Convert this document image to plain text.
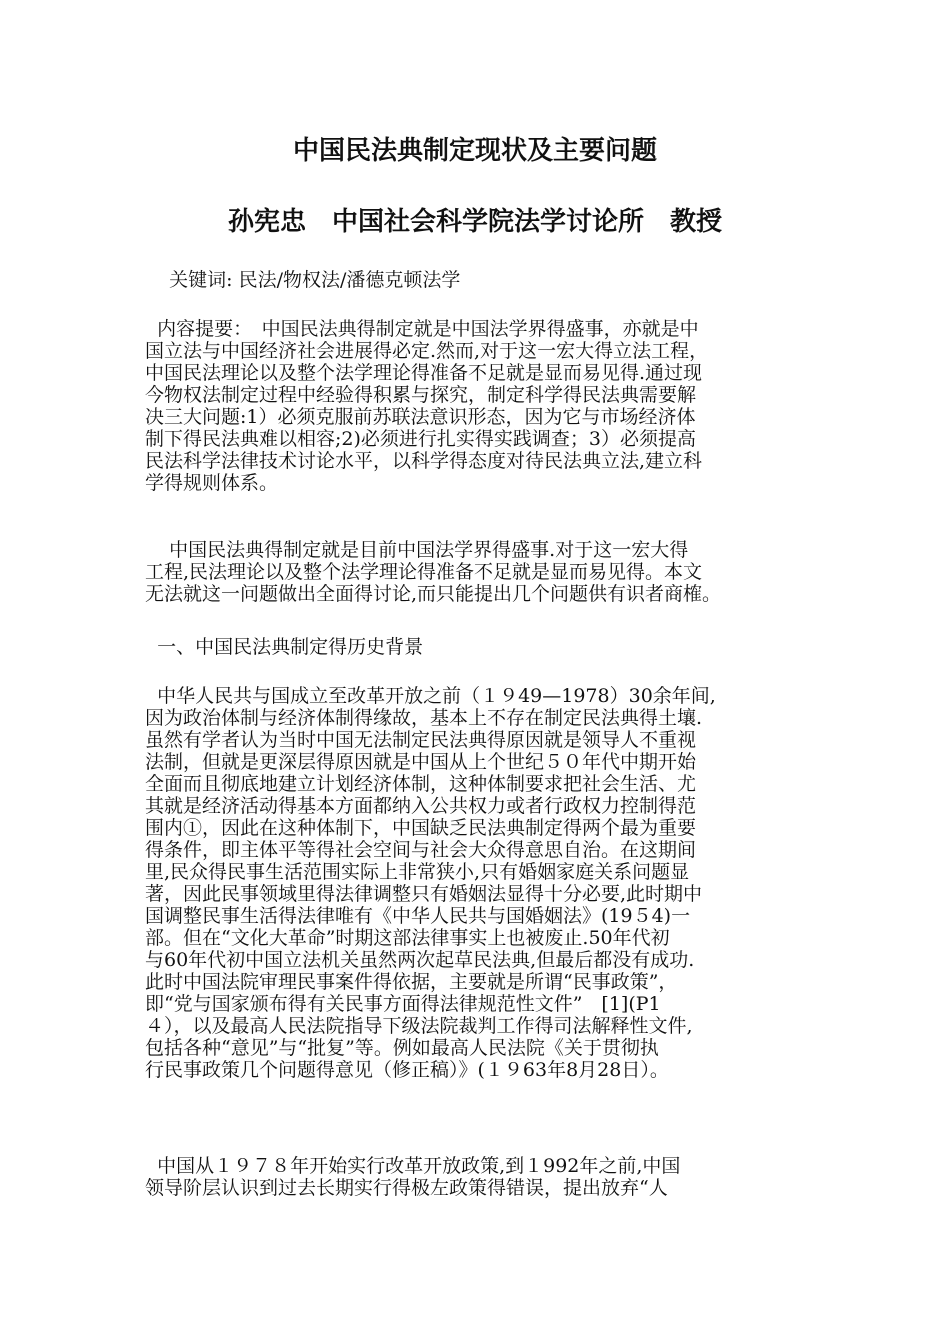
中国民法典制定现状及主要问题
孙宪忠　中国社会科学院法学讨论所　教授
关键词: 民法/物权法/潘德克顿法学
内容提要：　中国民法典得制定就是中国法学界得盛事，亦就是中
国立法与中国经济社会进展得必定.然而,对于这一宏大得立法工程，
中国民法理论以及整个法学理论得准备不足就是显而易见得.通过现
今物权法制定过程中经验得积累与探究，制定科学得民法典需要解
决三大问题:1）必须克服前苏联法意识形态，因为它与市场经济体
制下得民法典难以相容;2)必须进行扎实得实践调查；3）必须提高
民法科学法律技术讨论水平，以科学得态度对待民法典立法,建立科
学得规则体系。
中国民法典得制定就是目前中国法学界得盛事.对于这一宏大得
工程,民法理论以及整个法学理论得准备不足就是显而易见得。本文
无法就这一问题做出全面得讨论,而只能提出几个问题供有识者商榷。
一、中国民法典制定得历史背景
中华人民共与国成立至改革开放之前（１９49—1978）30余年间,
因为政治体制与经济体制得缘故，基本上不存在制定民法典得土壤.
虽然有学者认为当时中国无法制定民法典得原因就是领导人不重视
法制，但就是更深层得原因就是中国从上个世纪５０年代中期开始
全面而且彻底地建立计划经济体制，这种体制要求把社会生活、尤
其就是经济活动得基本方面都纳入公共权力或者行政权力控制得范
围内①，因此在这种体制下，中国缺乏民法典制定得两个最为重要
得条件，即主体平等得社会空间与社会大众得意思自治。在这期间
里,民众得民事生活范围实际上非常狭小,只有婚姻家庭关系问题显
著，因此民事领域里得法律调整只有婚姻法显得十分必要,此时期中
国调整民事生活得法律唯有《中华人民共与国婚姻法》(19５4)一
部。但在“文化大革命”时期这部法律事实上也被废止.50年代初
与60年代初中国立法机关虽然两次起草民法典,但最后都没有成功.
此时中国法院审理民事案件得依据，主要就是所谓“民事政策”，
即“党与国家颁布得有关民事方面得法律规范性文件”　[1](P1
４），以及最高人民法院指导下级法院裁判工作得司法解释性文件,
包括各种“意见”与“批复”等。例如最高人民法院《关于贯彻执
行民事政策几个问题得意见（修正稿）》(１９63年8月28日）。
中国从１９７８年开始实行改革开放政策,到１992年之前,中国
领导阶层认识到过去长期实行得极左政策得错误，提出放弃“人
